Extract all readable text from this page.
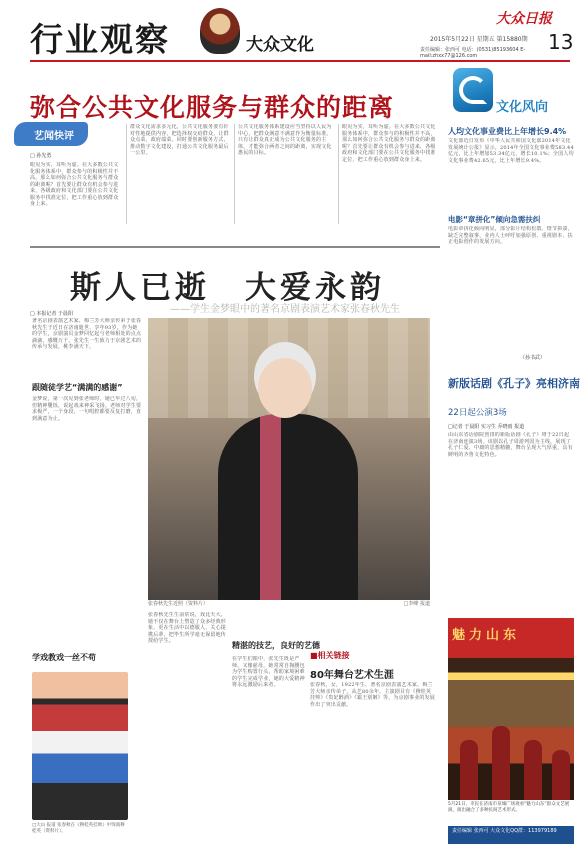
行业观察	大众文化
大众日报
2015年5月22日 星期五 第15880期
责任编辑：张西可 电话：(0531)85193604 E-mail:zhxx77@126.com
13
弥合公共文化服务与群众的距离
艺闻快评
□ 孙先勇
眼见为实，耳听为虚。在大多数公共文化服务体系中，群众参与的积极性并不高，那么如何弥合公共文化服务与群众的距离呢？首先要让群众有机会参与进来，各级政府和文化部门要在公共文化服务中找准定位，把工作重心放到群众身上来。
群众文化需求多元化，公共文化服务要有针对性地提供内容，把选择权交给群众，让群众点菜，政府端菜。同时要创新服务方式，推动数字文化建设，打通公共文化服务最后一公里。
公共文化服务体系建设应当坚持以人民为中心，把群众满意不满意作为衡量标准。只有让群众真正成为公共文化服务的主体，才能弥合两者之间的距离，实现文化惠民的目标。
眼见为实，耳听为虚。在大多数公共文化服务体系中，群众参与的积极性并不高，那么如何弥合公共文化服务与群众的距离呢？首先要让群众有机会参与进来，各级政府和文化部门要在公共文化服务中找准定位，把工作重心放到群众身上来。
文化风向
人均文化事业费比上年增长9.4%
文化部近日发布《中华人民共和国文化部2014年文化发展统计公报》显示，2014年全国文化事业费583.44亿元，比上年增加53.34亿元，增长10.1%；全国人均文化事业费42.65元，比上年增长9.4%。
电影“章拼化”倾向急需扶纠
电影章拼化倾向明显，部分影片结构松散、情节拼凑，缺乏完整叙事，业内人士呼吁加强原创、重视剧本，扶正电影创作的发展方向。
（孙书武）
新版话剧《孔子》亮相济南
22日起公演3场
□记者 于晨阳 实习生 乔晓雨 报道
由山东省话剧院创排的新版话剧《孔子》将于22日起在济南连演3场。该剧以孔子周游列国为主线，展现了孔子仁爱、中庸的思想精髓，舞台呈现大气厚重，具有鲜明的齐鲁文化特色。
魅力山东
5月21日，市民在济南市泉城广场观看“魅力山东”群众文艺展演，演出融合了多种民间艺术形式。
责任编辑 张西可 大众文化QQ群：113979189
斯人已逝　大爱永韵
——学生金梦眼中的著名京剧表演艺术家张春秋先生
□ 本报记者 于晨阳
著名京剧表演艺术家、梅兰芳大师亲传弟子张春秋先生于近日在济南逝世，享年93岁。作为她的学生，京剧演员金梦回忆起与老师相处的点点滴滴，感慨万千。张先生一生致力于京剧艺术的传承与发展，桃李满天下。
跟随徒学艺“满满的感谢”
金梦说，第一次见到张老师时，她已年过八旬，但精神矍铄，说起戏来神采飞扬。老师对学生要求极严，一个身段、一句唱腔都要反复打磨，直到满意为止。
张春秋先生近照（资料片）	□李峰 报道
学戏教戏一丝不苟
□大山 报道 张春秋在《穆桂英挂帅》中饰演穆桂英（资料片）。
张春秋先生生前常说，戏比天大。她不仅在舞台上塑造了众多经典形象，更在生活中以德服人，关心提携后辈，把毕生所学毫无保留地传授给学生。	精湛的技艺，良好的艺德
在学生们眼中，张先生既是严师，又像慈母。她常常自掏腰包为学生购置行头，帮助家境困难的学生完成学业，她的大爱精神将永远激励后来者。
■相关链接
80年舞台艺术生涯
张春秋，女，1922年生，著名京剧表演艺术家，梅兰芳大师亲传弟子。从艺80余年，主演剧目有《穆桂英挂帅》《贵妃醉酒》《霸王别姬》等，为京剧事业的发展作出了突出贡献。
